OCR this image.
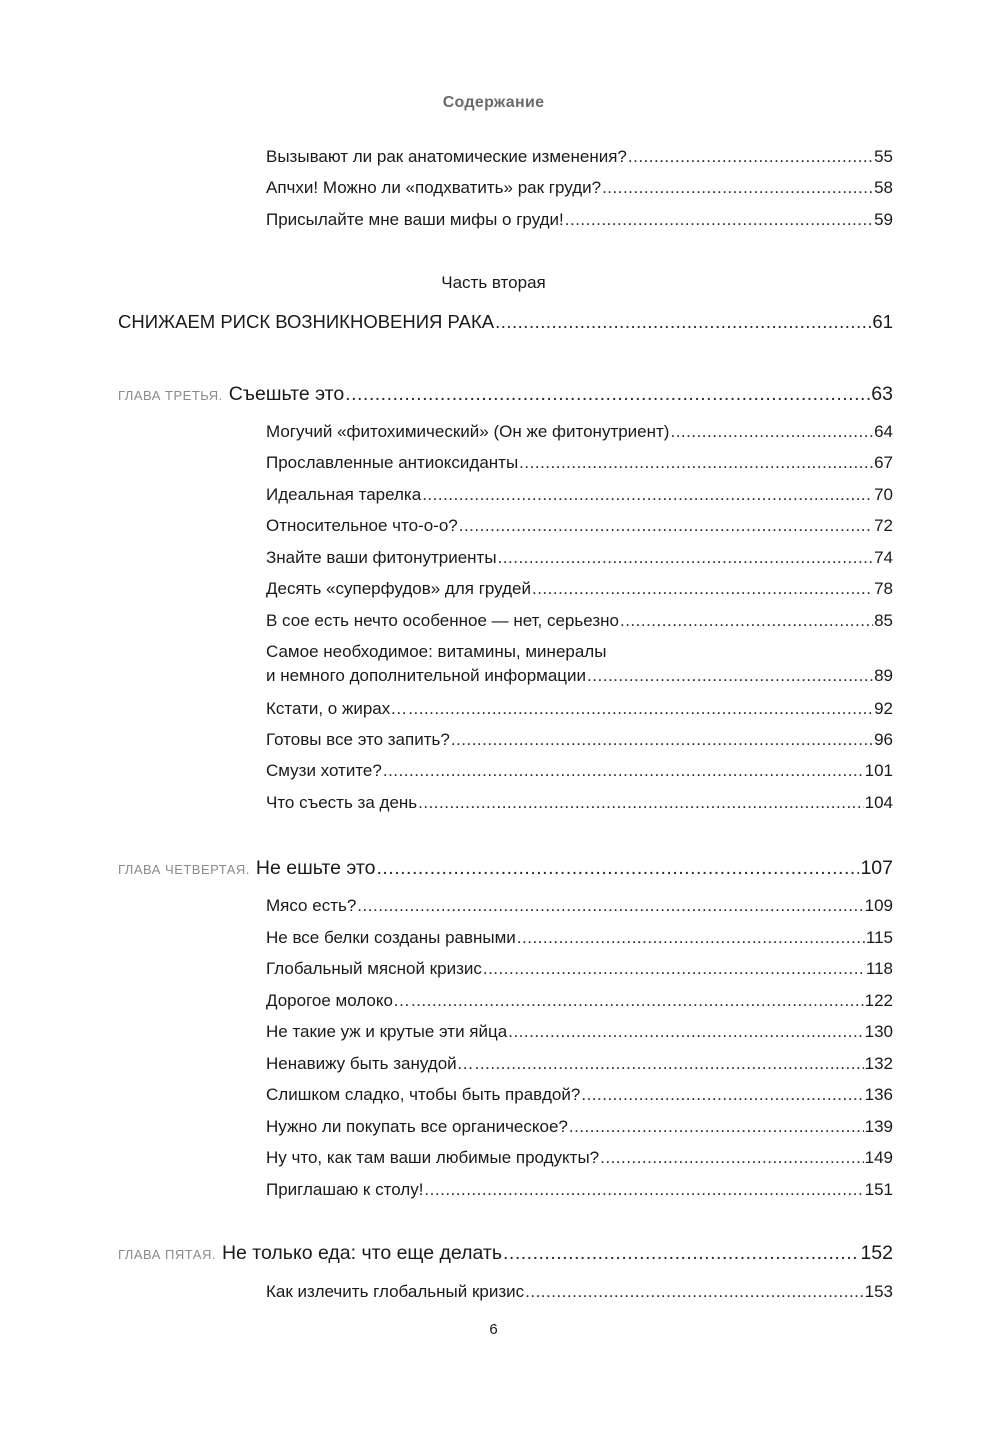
Содержание
Вызывают ли рак анатомические изменения? .....	55
Апчхи! Можно ли «подхватить» рак груди? .....	58
Присылайте мне ваши мифы о груди! .....	59
Часть вторая
СНИЖАЕМ РИСК ВОЗНИКНОВЕНИЯ РАКА .....	61
ГЛАВА ТРЕТЬЯ. Съешьте это .....	63
Могучий «фитохимический» (Он же фитонутриент) .....	64
Прославленные антиоксиданты .....	67
Идеальная тарелка .....	70
Относительное что-о-о? .....	72
Знайте ваши фитонутриенты .....	74
Десять «суперфудов» для грудей .....	78
В сое есть нечто особенное — нет, серьезно .....	85
Самое необходимое: витамины, минералы
и немного дополнительной информации .....	89
Кстати, о жирах… .....	92
Готовы все это запить? .....	96
Смузи хотите? .....	101
Что съесть за день .....	104
ГЛАВА ЧЕТВЕРТАЯ. Не ешьте это .....	107
Мясо есть? .....	109
Не все белки созданы равными .....	115
Глобальный мясной кризис .....	118
Дорогое молоко… .....	122
Не такие уж и крутые эти яйца .....	130
Ненавижу быть занудой… .....	132
Слишком сладко, чтобы быть правдой? .....	136
Нужно ли покупать все органическое? .....	139
Ну что, как там ваши любимые продукты? .....	149
Приглашаю к столу! .....	151
ГЛАВА ПЯТАЯ. Не только еда: что еще делать .....	152
Как излечить глобальный кризис .....	153
6
